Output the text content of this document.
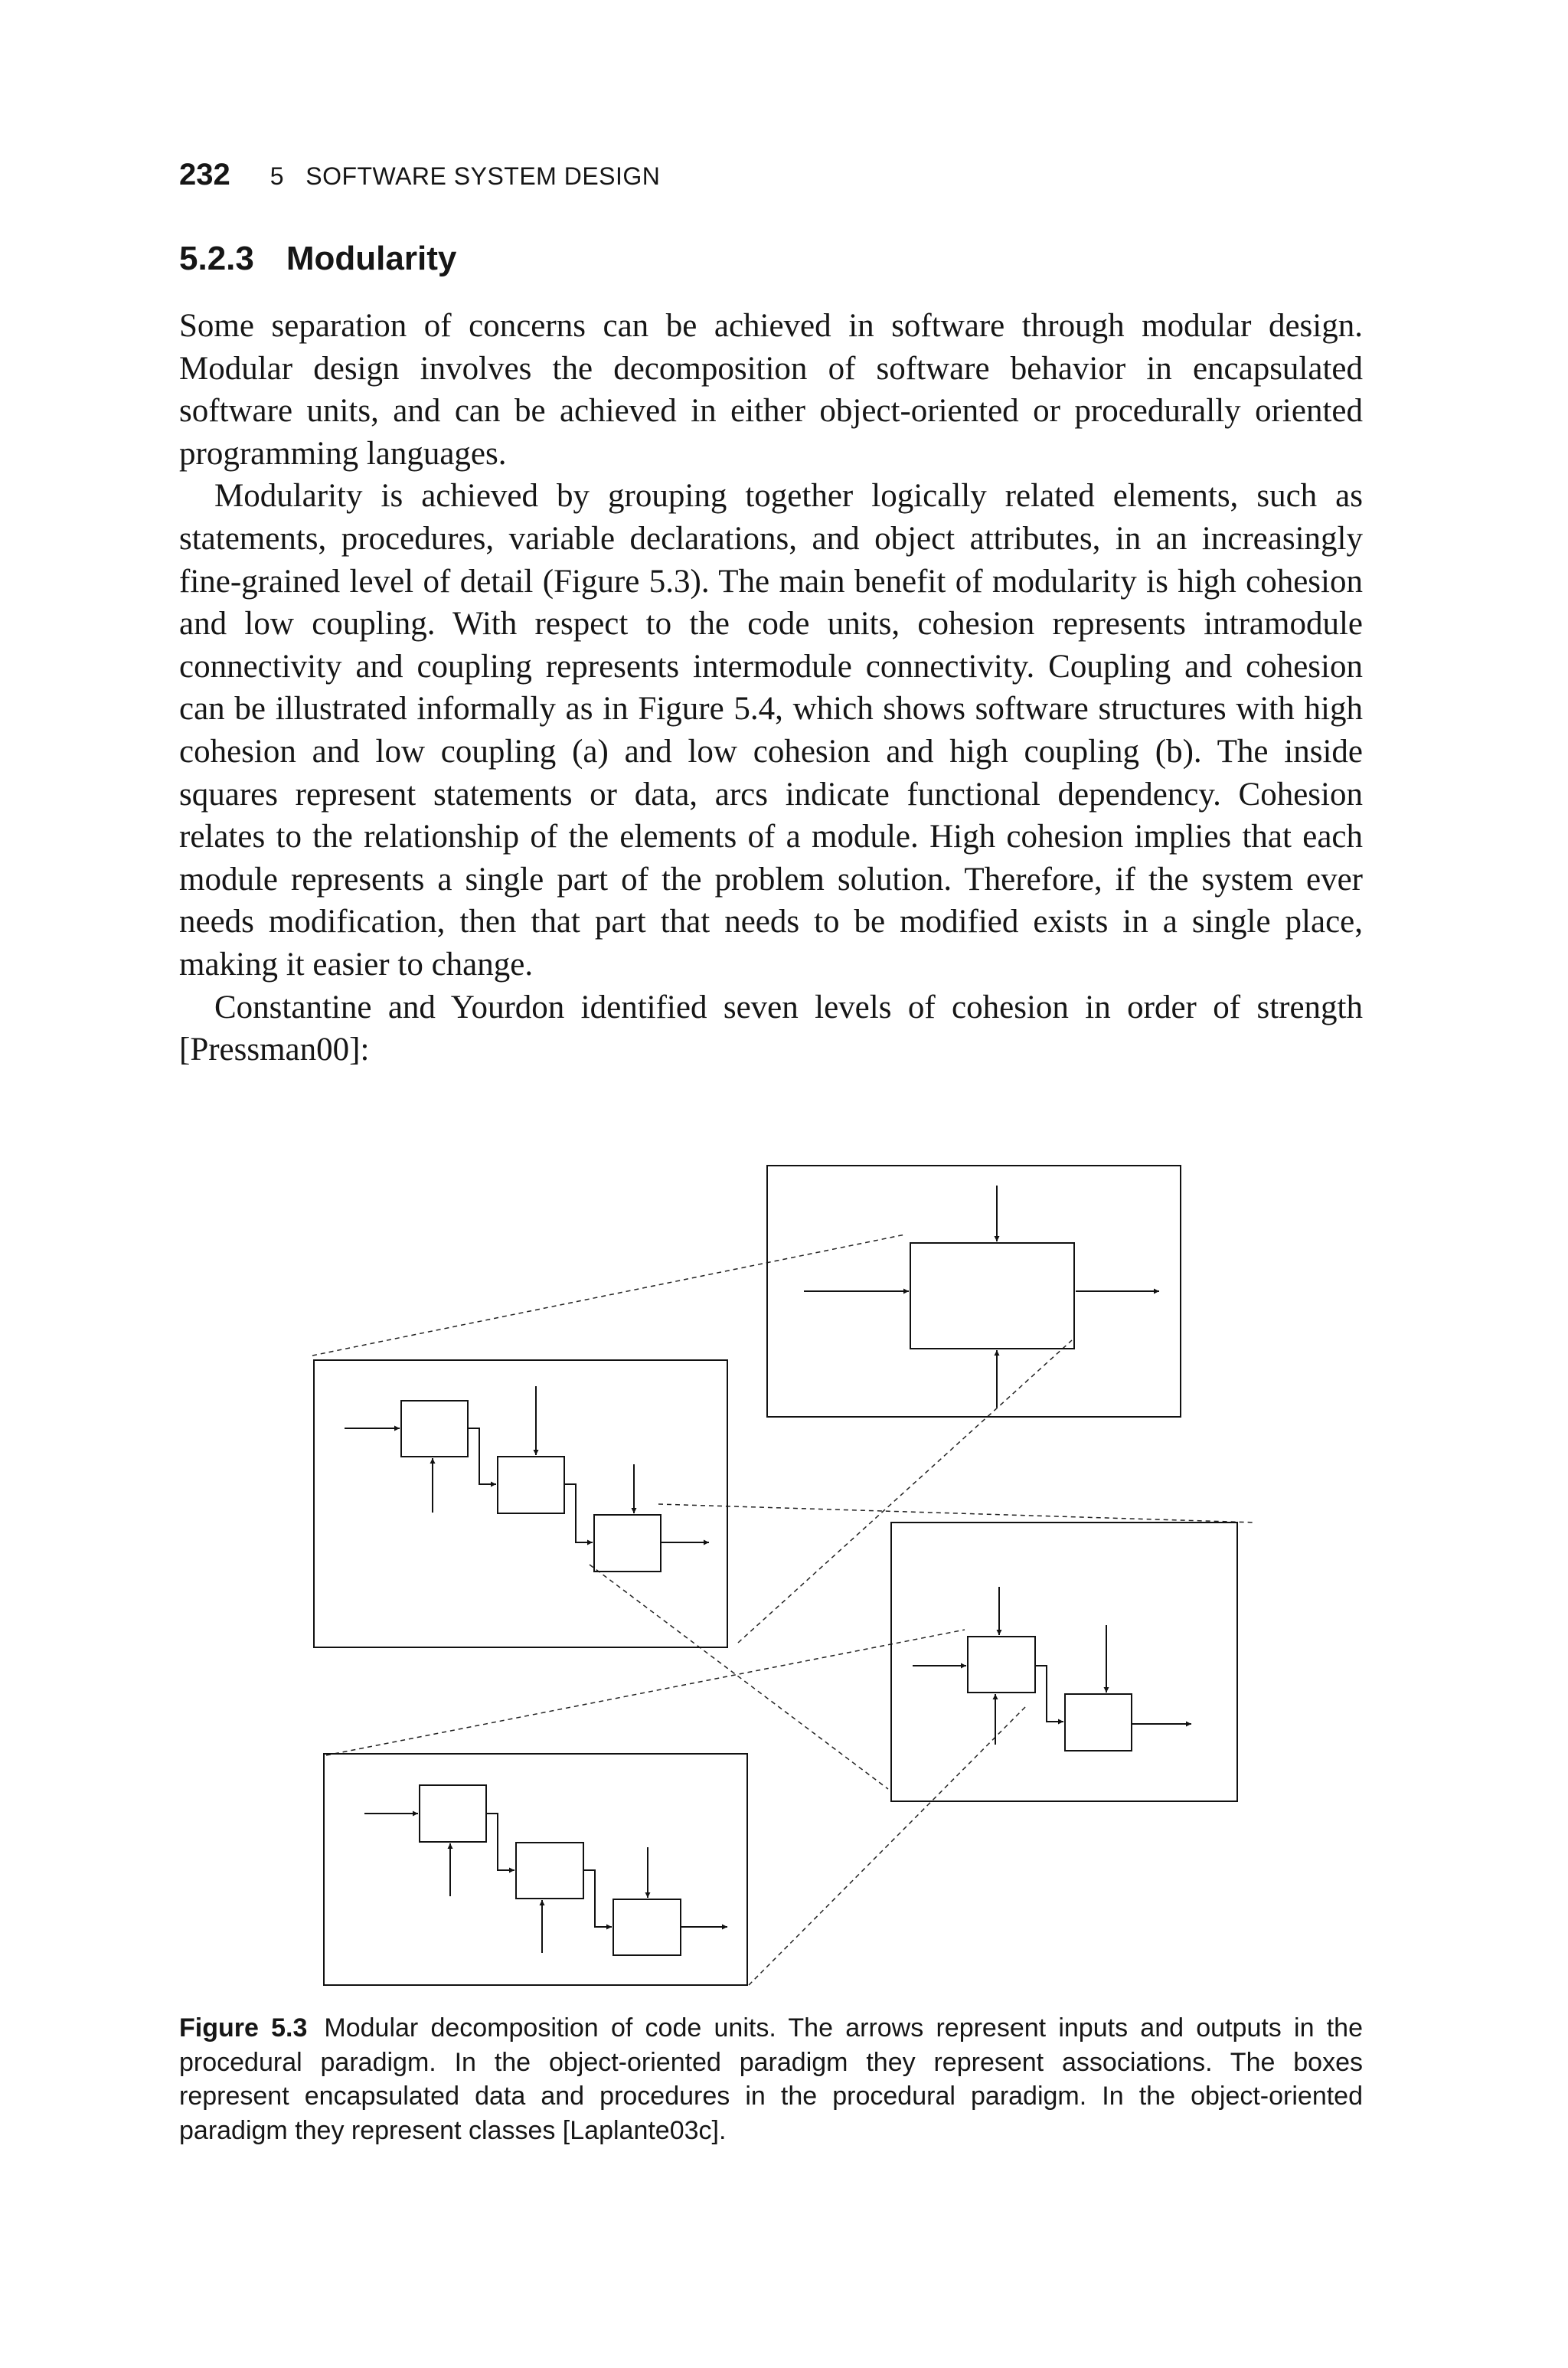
232 5   SOFTWARE SYSTEM DESIGN
5.2.3 Modularity

Some separation of concerns can be achieved in software through modular design. Modular design involves the decomposition of software behavior in encapsulated software units, and can be achieved in either object-oriented or procedurally oriented programming languages.

Modularity is achieved by grouping together logically related elements, such as statements, procedures, variable declarations, and object attributes, in an increasingly fine-grained level of detail (Figure 5.3). The main benefit of modularity is high cohesion and low coupling. With respect to the code units, cohesion represents intramodule connectivity and coupling represents intermodule connectivity. Coupling and cohesion can be illustrated informally as in Figure 5.4, which shows software structures with high cohesion and low coupling (a) and low cohesion and high coupling (b). The inside squares represent statements or data, arcs indicate functional dependency. Cohesion relates to the relationship of the elements of a module. High cohesion implies that each module represents a single part of the problem solution. Therefore, if the system ever needs modification, then that part that needs to be modified exists in a single place, making it easier to change.

Constantine and Yourdon identified seven levels of cohesion in order of strength [Pressman00]:

Figure 5.3 Modular decomposition of code units. The arrows represent inputs and outputs in the procedural paradigm. In the object-oriented paradigm they represent associations. The boxes represent encapsulated data and procedures in the procedural paradigm. In the object-oriented paradigm they represent classes [Laplante03c].
